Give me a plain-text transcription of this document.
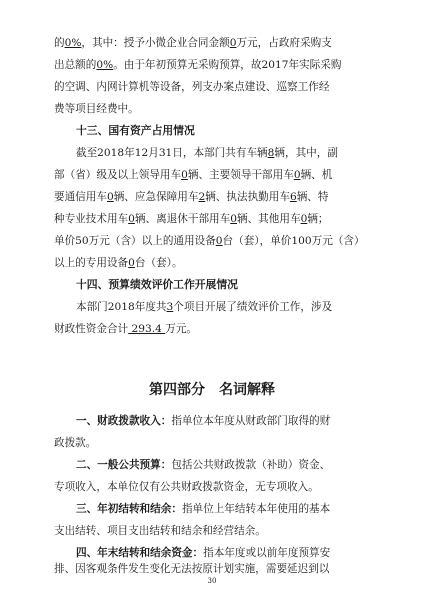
的0%，其中：授予小微企业合同金额0万元，占政府采购支
出总额的0%。由于年初预算无采购预算，故2017年实际采购
的空调、内网计算机等设备，列支办案点建设、巡察工作经
费等项目经费中。
十三、国有资产占用情况
截至2018年12月31日，本部门共有车辆8辆，其中，副
部（省）级及以上领导用车0辆、主要领导干部用车0辆、机
要通信用车0辆、应急保障用车2辆、执法执勤用车6辆、特
种专业技术用车0辆、离退休干部用车0辆、其他用车0辆；
单价50万元（含）以上的通用设备0台（套），单价100万元（含）
以上的专用设备0台（套）。
十四、预算绩效评价工作开展情况
本部门2018年度共3个项目开展了绩效评价工作，涉及
财政性资金合计 293.4 万元。
第四部分　名词解释
一、财政拨款收入：指单位本年度从财政部门取得的财
政拨款。
二、一般公共预算：包括公共财政拨款（补助）资金、
专项收入，本单位仅有公共财政拨款资金，无专项收入。
三、年初结转和结余：指单位上年结转本年使用的基本
支出结转、项目支出结转和结余和经营结余。
四、年末结转和结余资金：指本年度或以前年度预算安
排、因客观条件发生变化无法按原计划实施，需要延迟到以
30
